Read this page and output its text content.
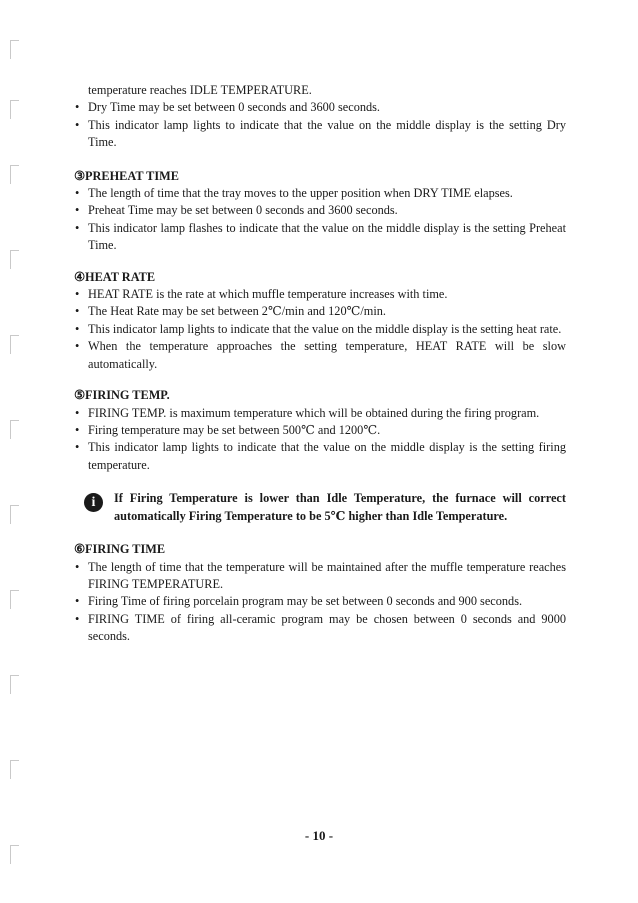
temperature reaches IDLE TEMPERATURE.
• Dry Time may be set between 0 seconds and 3600 seconds.
• This indicator lamp lights to indicate that the value on the middle display is the setting Dry Time.
③PREHEAT TIME
• The length of time that the tray moves to the upper position when DRY TIME elapses.
• Preheat Time may be set between 0 seconds and 3600 seconds.
• This indicator lamp flashes to indicate that the value on the middle display is the setting Preheat Time.
④HEAT RATE
• HEAT RATE is the rate at which muffle temperature increases with time.
• The Heat Rate may be set between 2℃/min and 120℃/min.
• This indicator lamp lights to indicate that the value on the middle display is the setting heat rate.
• When the temperature approaches the setting temperature, HEAT RATE will be slow automatically.
⑤FIRING TEMP.
• FIRING TEMP. is maximum temperature which will be obtained during the firing program.
• Firing temperature may be set between 500℃ and 1200℃.
• This indicator lamp lights to indicate that the value on the middle display is the setting firing temperature.
i	If Firing Temperature is lower than Idle Temperature, the furnace will correct automatically Firing Temperature to be 5℃ higher than Idle Temperature.
⑥FIRING TIME
• The length of time that the temperature will be maintained after the muffle temperature reaches FIRING TEMPERATURE.
• Firing Time of firing porcelain program may be set between 0 seconds and 900 seconds.
• FIRING TIME of firing all-ceramic program may be chosen between 0 seconds and 9000 seconds.
- 10 -
